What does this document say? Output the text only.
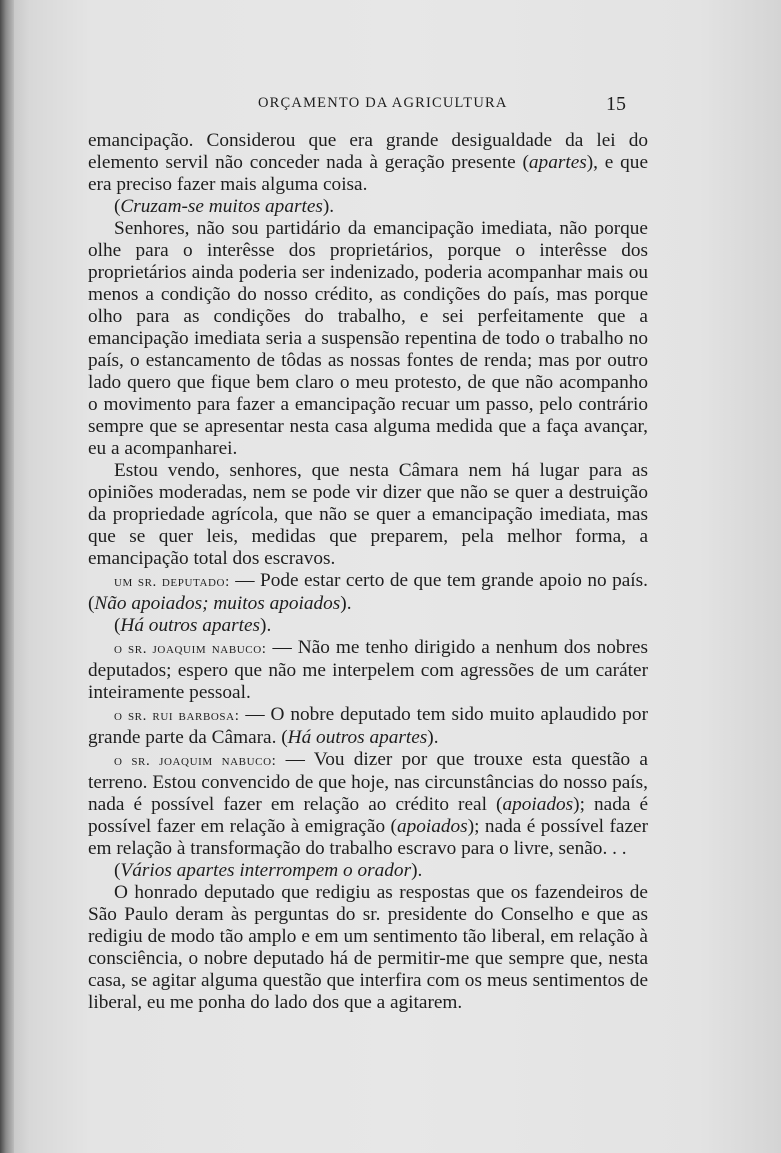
ORÇAMENTO DA AGRICULTURA	15

emancipação. Considerou que era grande desigualdade da lei do elemento servil não conceder nada à geração presente (apartes), e que era preciso fazer mais alguma coisa.

(Cruzam-se muitos apartes).

Senhores, não sou partidário da emancipação imediata, não porque olhe para o interêsse dos proprietários, porque o interêsse dos proprietários ainda poderia ser indenizado, poderia acompanhar mais ou menos a condição do nosso crédito, as condições do país, mas porque olho para as condições do trabalho, e sei perfeitamente que a emancipação imediata seria a suspensão repentina de todo o trabalho no país, o estancamento de tôdas as nossas fontes de renda; mas por outro lado quero que fique bem claro o meu protesto, de que não acompanho o movimento para fazer a emancipação recuar um passo, pelo contrário sempre que se apresentar nesta casa alguma medida que a faça avançar, eu a acompanharei.

Estou vendo, senhores, que nesta Câmara nem há lugar para as opiniões moderadas, nem se pode vir dizer que não se quer a destruição da propriedade agrícola, que não se quer a emancipação imediata, mas que se quer leis, medidas que preparem, pela melhor forma, a emancipação total dos escravos.

um sr. deputado: — Pode estar certo de que tem grande apoio no país. (Não apoiados; muitos apoiados).

(Há outros apartes).

o sr. joaquim nabuco: — Não me tenho dirigido a nenhum dos nobres deputados; espero que não me interpelem com agressões de um caráter inteiramente pessoal.

o sr. rui barbosa: — O nobre deputado tem sido muito aplaudido por grande parte da Câmara. (Há outros apartes).

o sr. joaquim nabuco: — Vou dizer por que trouxe esta questão a terreno. Estou convencido de que hoje, nas circunstâncias do nosso país, nada é possível fazer em relação ao crédito real (apoiados); nada é possível fazer em relação à emigração (apoiados); nada é possível fazer em relação à transformação do trabalho escravo para o livre, senão. . .

(Vários apartes interrompem o orador).

O honrado deputado que redigiu as respostas que os fazendeiros de São Paulo deram às perguntas do sr. presidente do Conselho e que as redigiu de modo tão amplo e em um sentimento tão liberal, em relação à consciência, o nobre deputado há de permitir-me que sempre que, nesta casa, se agitar alguma questão que interfira com os meus sentimentos de liberal, eu me ponha do lado dos que a agitarem.
